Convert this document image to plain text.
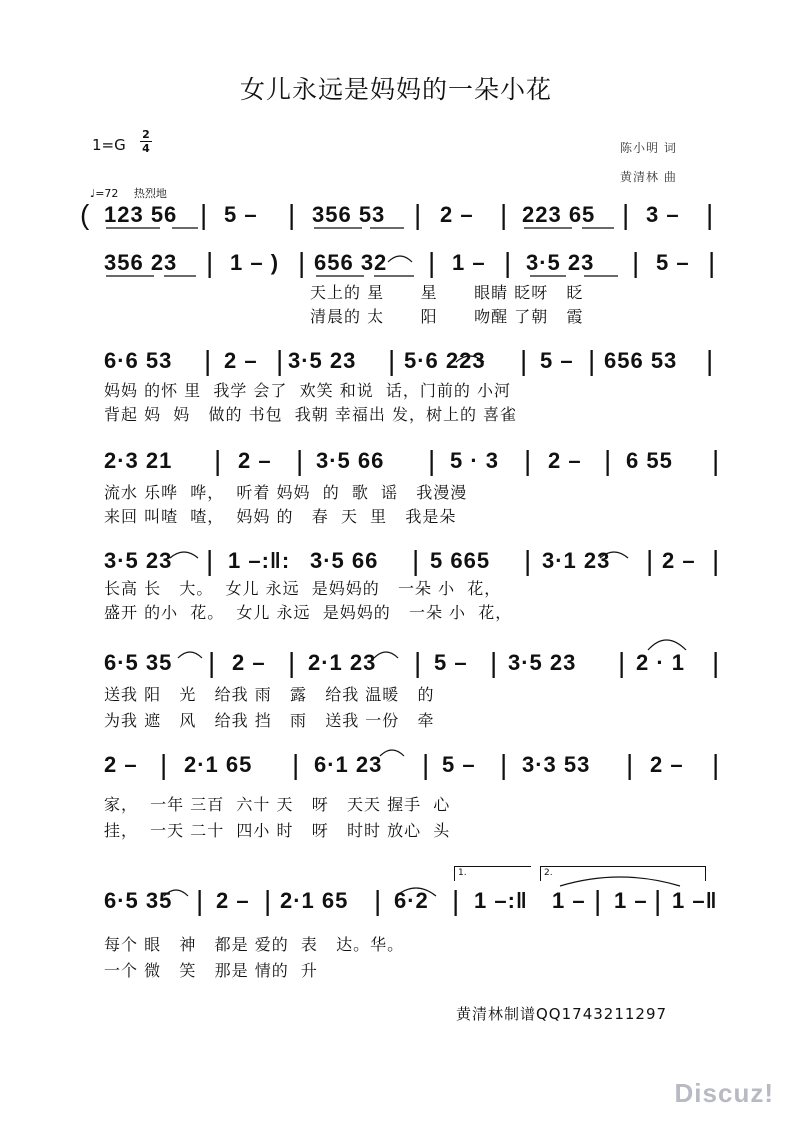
女儿永远是妈妈的一朵小花
$1=G \frac{2}{4}$	陈小明 词
黄清林 曲
♩=72 热烈地
( 123 56 | 5 – | 356 53 | 2 – | 223 65 | 3 – |
356 23 | 1 – ) | 656 32 | 1 – | 3·5 23 | 5 – |
6·6 53 | 2 – | 3·5 23 | 5·6 223 | 5 – | 656 53 |
2·3 21 | 2 – | 3·5 66 | 5 · 3 | 2 – | 6 55 |
3·5 23 | 1 –:‖: 3·5 66 | 5 665 | 3·1 23 | 2 – |
6·5 35 | 2 – | 2·1 23 | 5 – | 3·5 23 | 2 · 1 |
2 – | 2·1 65 | 6·1 23 | 5 – | 3·3 53 | 2 – |
6·5 35 | 2 – | 2·1 65 | 6·2 | 1 –:‖ 1 – | 1 – | 1 –‖
天上的 星      星      眼睛 眨呀   眨
清晨的 太      阳      吻醒 了朝   霞
妈妈 的怀 里  我学 会了  欢笑 和说  话，门前的 小河
背起 妈  妈   做的 书包  我朝 幸福出 发，树上的 喜雀
流水 乐哗  哗，  听着 妈妈  的  歌  谣   我漫漫
来回 叫喳  喳，  妈妈 的   春  天  里   我是朵
长高 长   大。  女儿 永远  是妈妈的   一朵 小  花，
盛开 的小  花。  女儿 永远  是妈妈的   一朵 小  花，
送我 阳   光   给我 雨   露   给我 温暖   的
为我 遮   风   给我 挡   雨   送我 一份   牵
家，  一年 三百  六十 天   呀   天天 握手  心
挂，  一天 二十  四小 时   呀   时时 放心  头
每个 眼   神   都是 爱的  表   达。华。
一个 微   笑   那是 情的  升
1.	2.
黄清林制谱QQ1743211297
Discuz!
